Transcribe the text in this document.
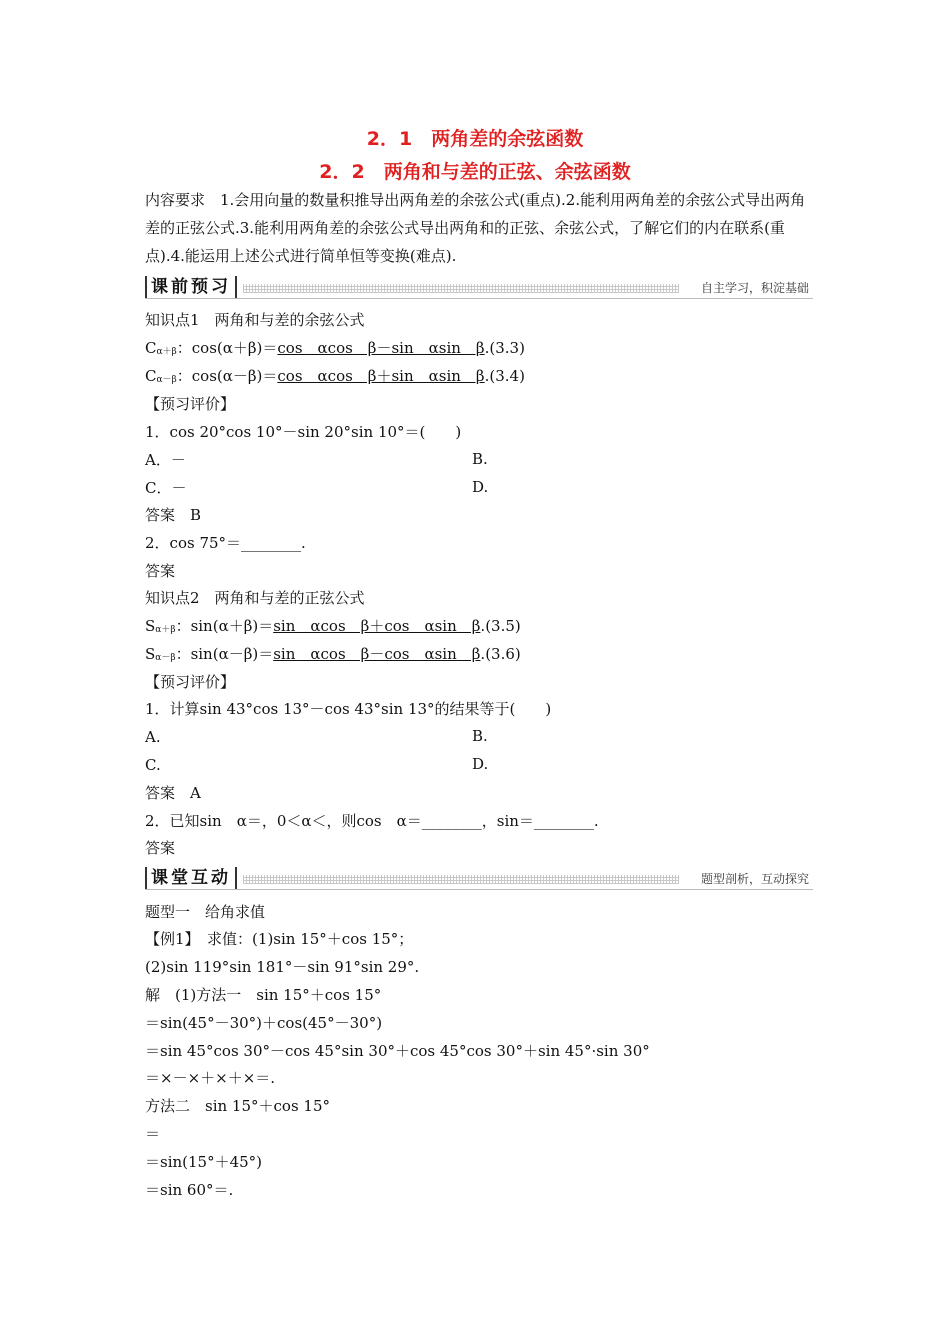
2．1　两角差的余弦函数
2．2　两角和与差的正弦、余弦函数
内容要求　1.会用向量的数量积推导出两角差的余弦公式(重点).2.能利用两角差的余弦公式导出两角差的正弦公式.3.能利用两角差的余弦公式导出两角和的正弦、余弦公式，了解它们的内在联系(重点).4.能运用上述公式进行简单恒等变换(难点).
课前预习	自主学习，积淀基础
知识点1　两角和与差的余弦公式
Cα＋β：cos(α＋β)＝cos　αcos　β－sin　αsin　β.(3.3)
Cα－β：cos(α－β)＝cos　αcos　β＋sin　αsin　β.(3.4)
【预习评价】
1．cos 20°cos 10°－sin 20°sin 10°＝(　　)
A．－	B.
C．－	D.
答案　B
2．cos 75°＝________.
答案
知识点2　两角和与差的正弦公式
Sα＋β：sin(α＋β)＝sin　αcos　β＋cos　αsin　β.(3.5)
Sα－β：sin(α－β)＝sin　αcos　β－cos　αsin　β.(3.6)
【预习评价】
1．计算sin 43°cos 13°－cos 43°sin 13°的结果等于(　　)
A.	B.
C.	D.
答案　A
2．已知sin　α＝，0＜α＜，则cos　α＝________，sin＝________.
答案
课堂互动	题型剖析，互动探究
题型一　给角求值
【例1】　求值：(1)sin 15°＋cos 15°；
(2)sin 119°sin 181°－sin 91°sin 29°.
解　(1)方法一　sin 15°＋cos 15°
＝sin(45°－30°)＋cos(45°－30°)
＝sin 45°cos 30°－cos 45°sin 30°＋cos 45°cos 30°＋sin 45°·sin 30°
＝×－×＋×＋×＝.
方法二　sin 15°＋cos 15°
＝
＝sin(15°＋45°)
＝sin 60°＝.
